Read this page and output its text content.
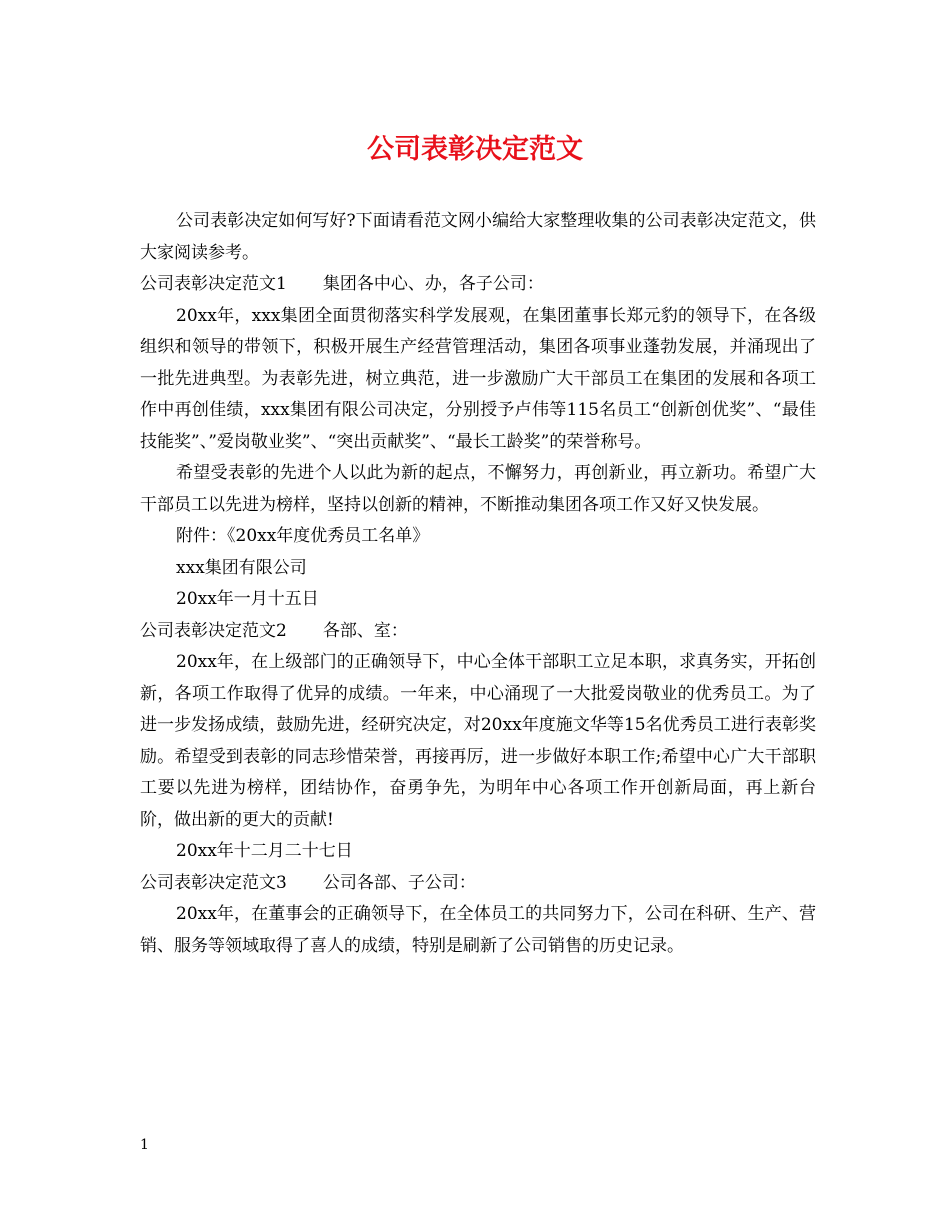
公司表彰决定范文

公司表彰决定如何写好?下面请看范文网小编给大家整理收集的公司表彰决定范文，供大家阅读参考。

公司表彰决定范文1 集团各中心、办，各子公司：

20xx年，xxx集团全面贯彻落实科学发展观，在集团董事长郑元豹的领导下，在各级组织和领导的带领下，积极开展生产经营管理活动，集团各项事业蓬勃发展，并涌现出了一批先进典型。为表彰先进，树立典范，进一步激励广大干部员工在集团的发展和各项工作中再创佳绩，xxx集团有限公司决定，分别授予卢伟等115名员工“创新创优奖”、“最佳技能奖”、”爱岗敬业奖”、“突出贡献奖”、“最长工龄奖”的荣誉称号。

希望受表彰的先进个人以此为新的起点，不懈努力，再创新业，再立新功。希望广大干部员工以先进为榜样，坚持以创新的精神，不断推动集团各项工作又好又快发展。

附件：《20xx年度优秀员工名单》

xxx集团有限公司

20xx年一月十五日

公司表彰决定范文2 各部、室：

20xx年，在上级部门的正确领导下，中心全体干部职工立足本职，求真务实，开拓创新，各项工作取得了优异的成绩。一年来，中心涌现了一大批爱岗敬业的优秀员工。为了进一步发扬成绩，鼓励先进，经研究决定，对20xx年度施文华等15名优秀员工进行表彰奖励。希望受到表彰的同志珍惜荣誉，再接再厉，进一步做好本职工作;希望中心广大干部职工要以先进为榜样，团结协作，奋勇争先，为明年中心各项工作开创新局面，再上新台阶，做出新的更大的贡献!

20xx年十二月二十七日

公司表彰决定范文3 公司各部、子公司：

20xx年，在董事会的正确领导下，在全体员工的共同努力下，公司在科研、生产、营销、服务等领域取得了喜人的成绩，特别是刷新了公司销售的历史记录。

1
